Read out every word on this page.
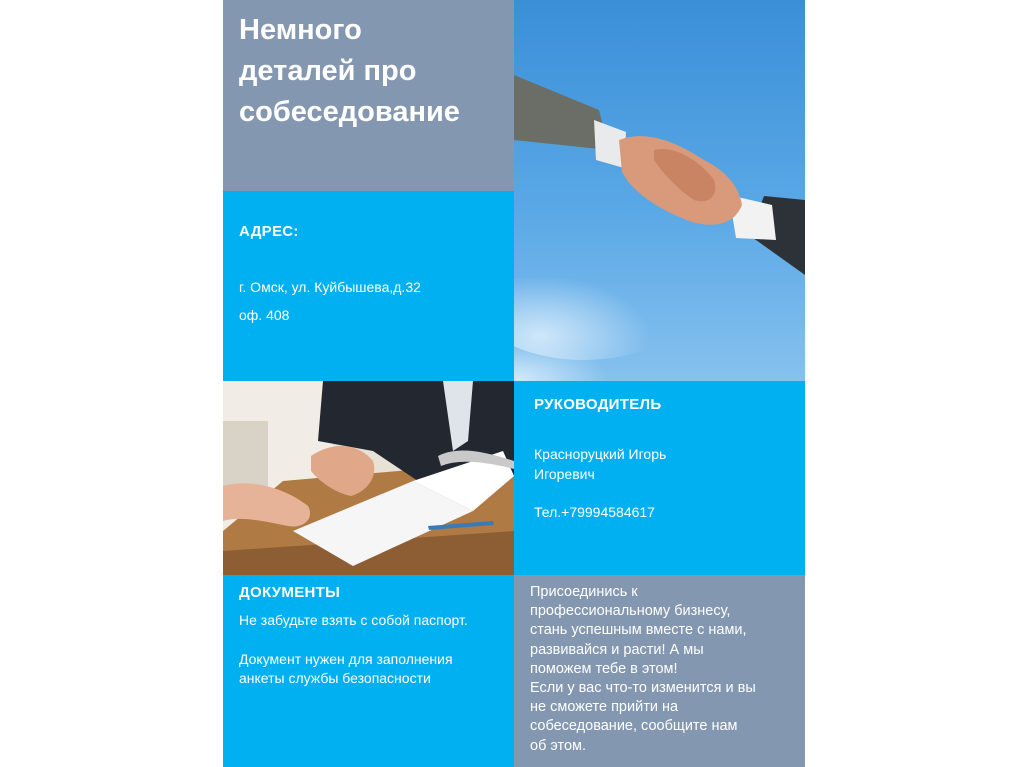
Немного
деталей про
собеседование
АДРЕС:
г. Омск, ул. Куйбышева,д.32
оф. 408
РУКОВОДИТЕЛЬ
Красноруцкий Игорь
Игоревич
Тел.+79994584617
ДОКУМЕНТЫ
Не забудьте взять с собой паспорт.
Документ нужен для заполнения
анкеты службы безопасности
Присоединись к
профессиональному бизнесу,
стань успешным вместе с нами,
развивайся и расти! А мы
поможем тебе в этом!
Если у вас что-то изменится и вы
не сможете прийти на
собеседование, сообщите нам
об этом.
